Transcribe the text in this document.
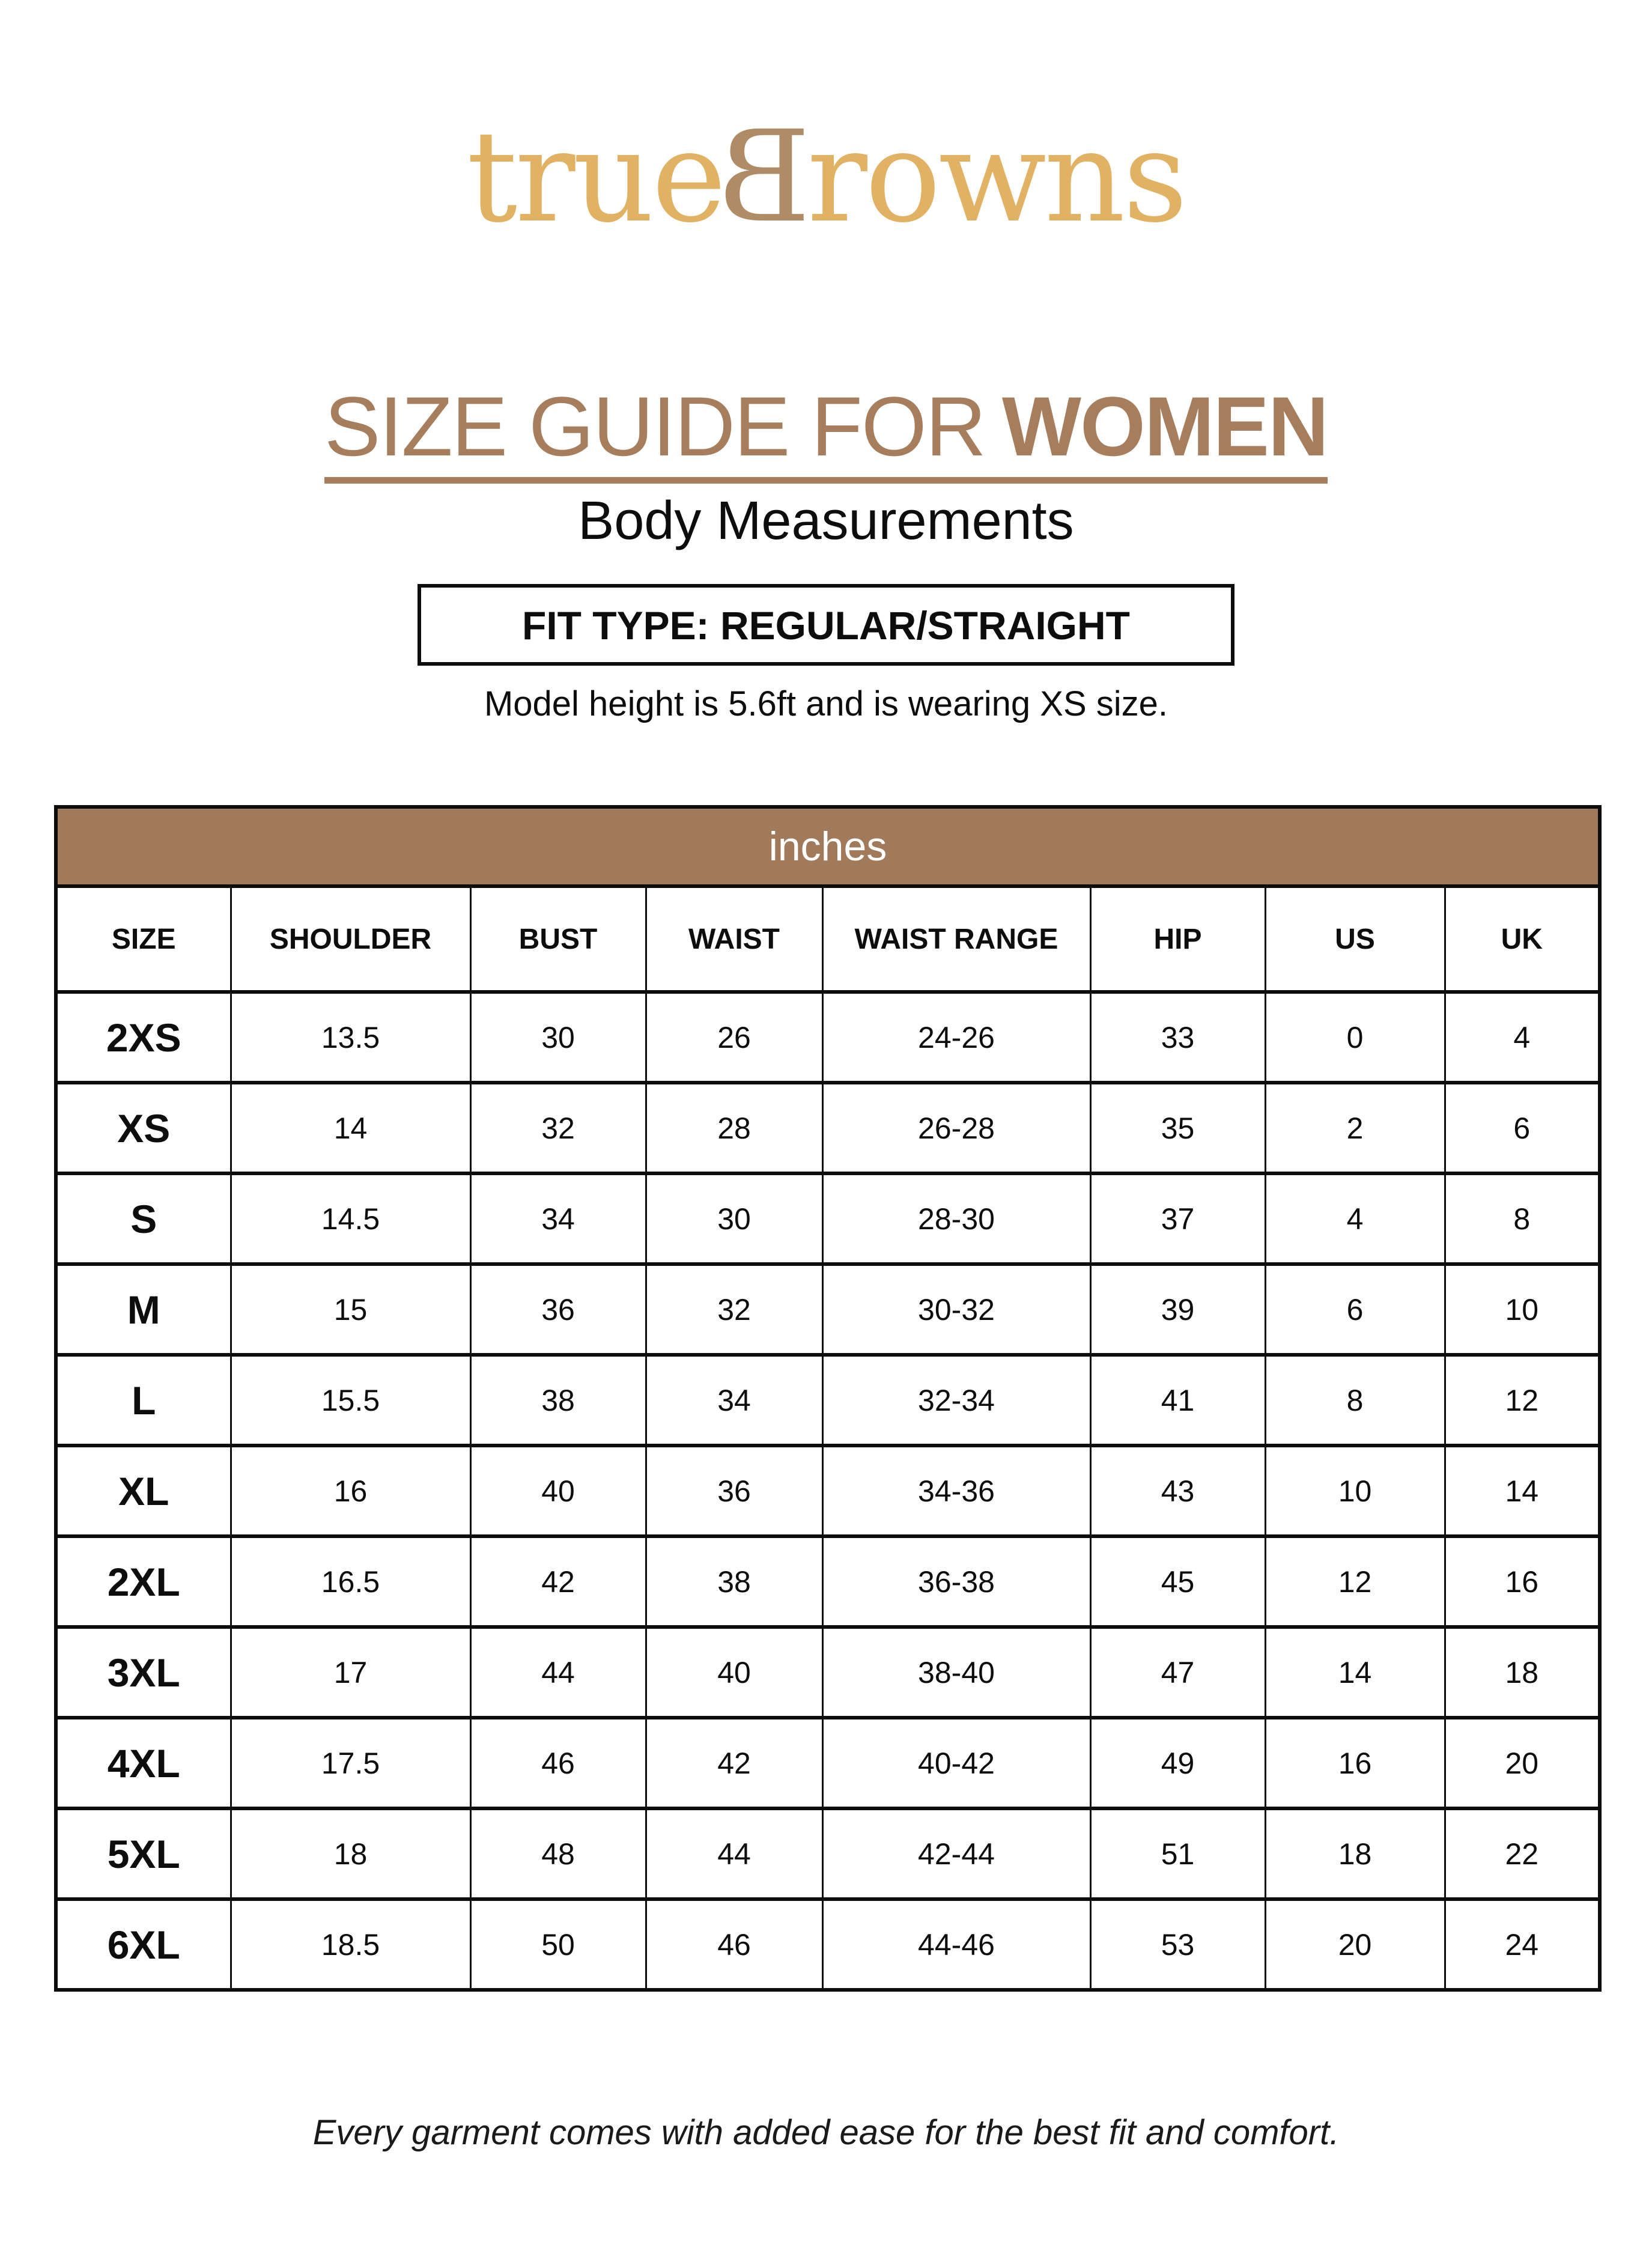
trueBrowns
SIZE GUIDE FOR WOMEN
Body Measurements
FIT TYPE: REGULAR/STRAIGHT
Model height is 5.6ft and is wearing XS size.
inches							
SIZE	SHOULDER	BUST	WAIST	WAIST RANGE	HIP	US	UK
2XS	13.5	30	26	24-26	33	0	4
XS	14	32	28	26-28	35	2	6
S	14.5	34	30	28-30	37	4	8
M	15	36	32	30-32	39	6	10
L	15.5	38	34	32-34	41	8	12
XL	16	40	36	34-36	43	10	14
2XL	16.5	42	38	36-38	45	12	16
3XL	17	44	40	38-40	47	14	18
4XL	17.5	46	42	40-42	49	16	20
5XL	18	48	44	42-44	51	18	22
6XL	18.5	50	46	44-46	53	20	24
Every garment comes with added ease for the best fit and comfort.
